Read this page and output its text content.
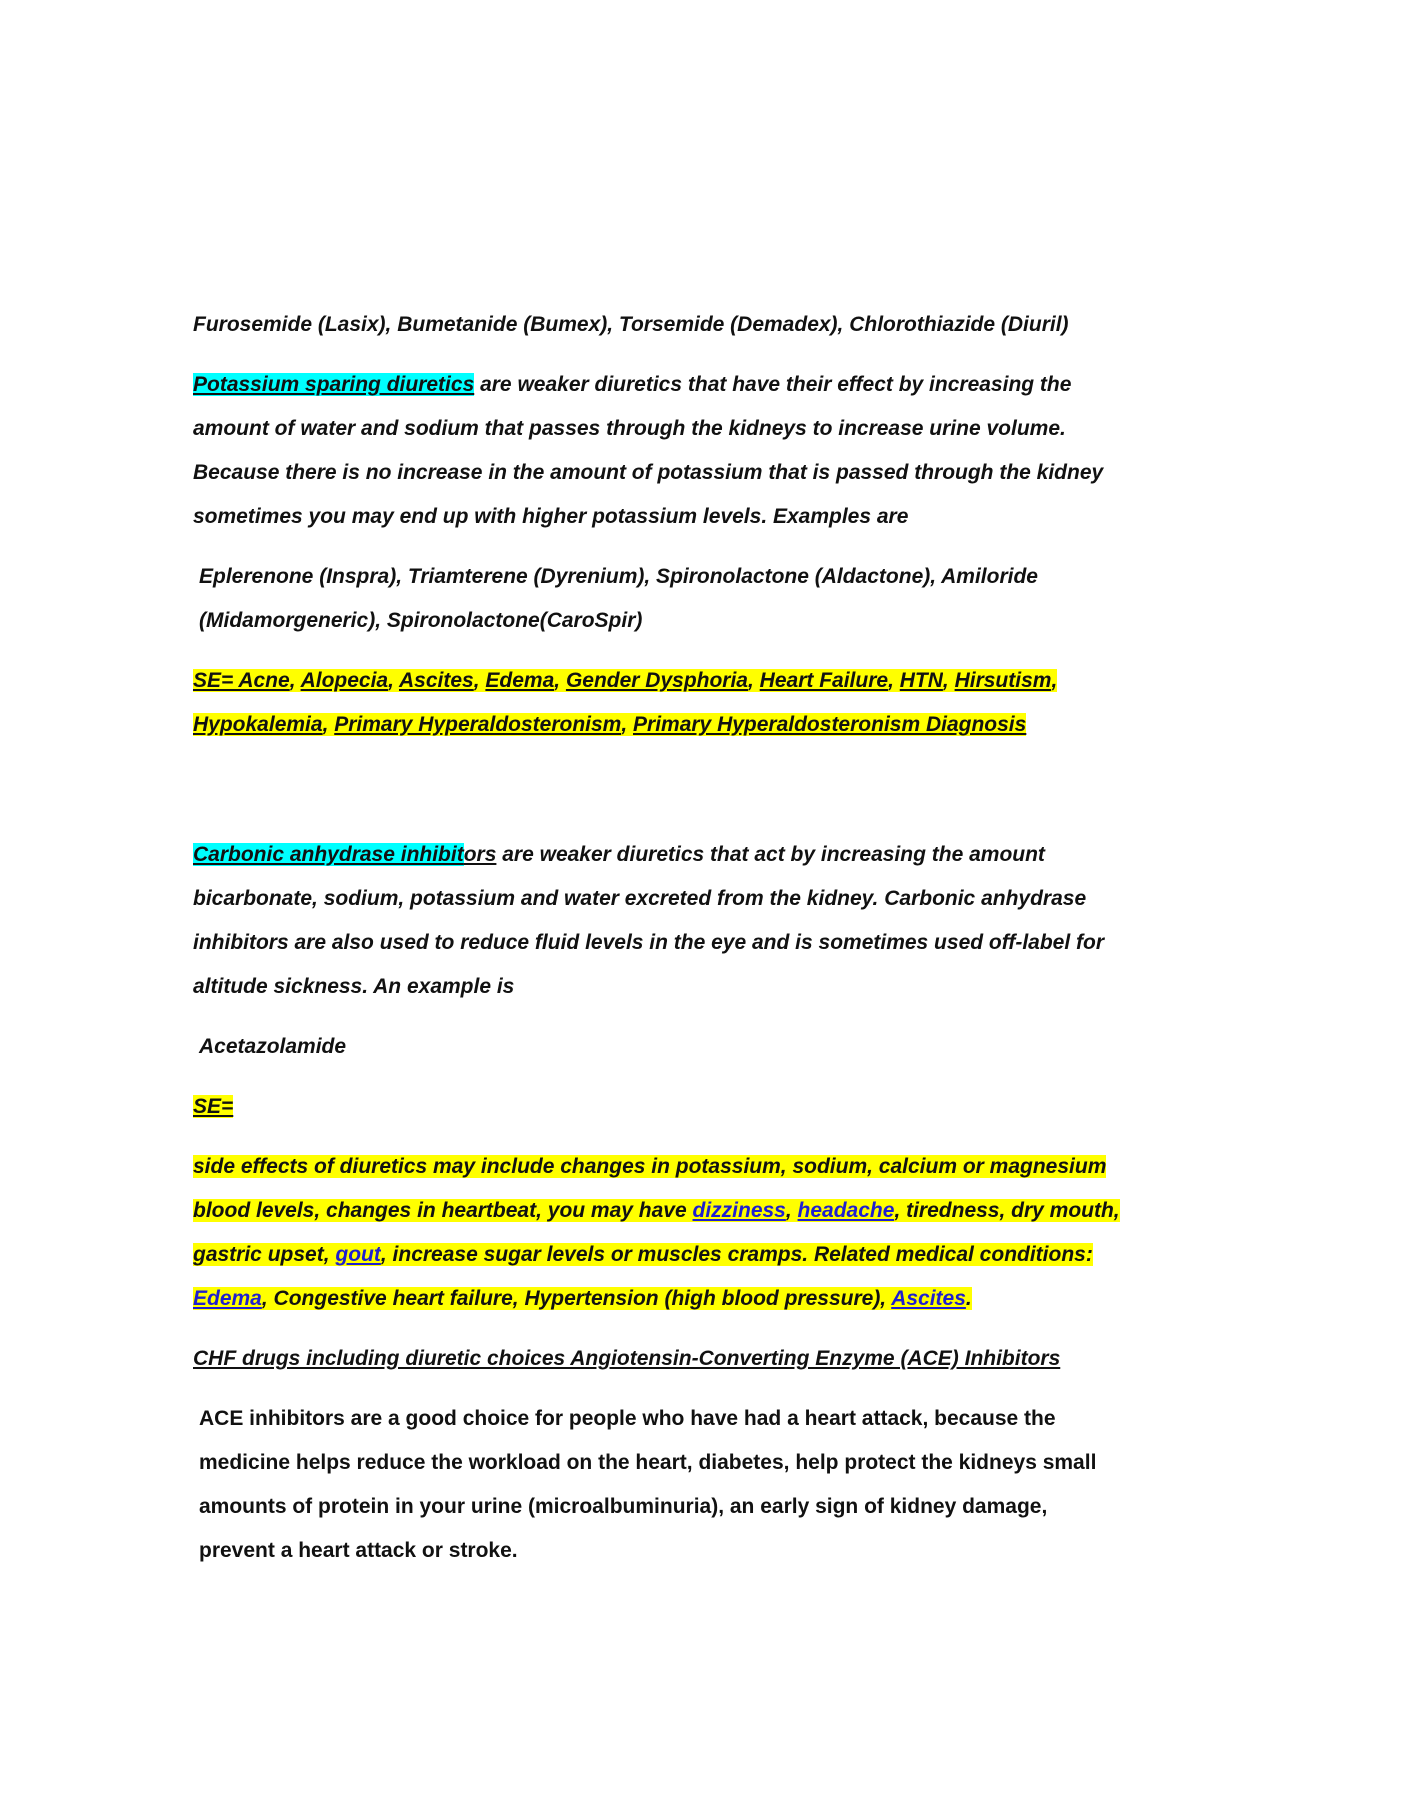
Furosemide (Lasix), Bumetanide (Bumex), Torsemide (Demadex), Chlorothiazide (Diuril)

Potassium sparing diuretics are weaker diuretics that have their effect by increasing the amount of water and sodium that passes through the kidneys to increase urine volume. Because there is no increase in the amount of potassium that is passed through the kidney sometimes you may end up with higher potassium levels. Examples are

Eplerenone (Inspra), Triamterene (Dyrenium), Spironolactone (Aldactone), Amiloride (Midamorgeneric), Spironolactone(CaroSpir)

SE= Acne, Alopecia, Ascites, Edema, Gender Dysphoria, Heart Failure, HTN, Hirsutism, Hypokalemia, Primary Hyperaldosteronism, Primary Hyperaldosteronism Diagnosis

Carbonic anhydrase inhibitors are weaker diuretics that act by increasing the amount bicarbonate, sodium, potassium and water excreted from the kidney. Carbonic anhydrase inhibitors are also used to reduce fluid levels in the eye and is sometimes used off-label for altitude sickness. An example is

Acetazolamide

SE=

side effects of diuretics may include changes in potassium, sodium, calcium or magnesium blood levels, changes in heartbeat, you may have dizziness, headache, tiredness, dry mouth, gastric upset, gout, increase sugar levels or muscles cramps. Related medical conditions: Edema, Congestive heart failure, Hypertension (high blood pressure), Ascites.

CHF drugs including diuretic choices Angiotensin-Converting Enzyme (ACE) Inhibitors

ACE inhibitors are a good choice for people who have had a heart attack, because the medicine helps reduce the workload on the heart, diabetes, help protect the kidneys small amounts of protein in your urine (microalbuminuria), an early sign of kidney damage, prevent a heart attack or stroke.
